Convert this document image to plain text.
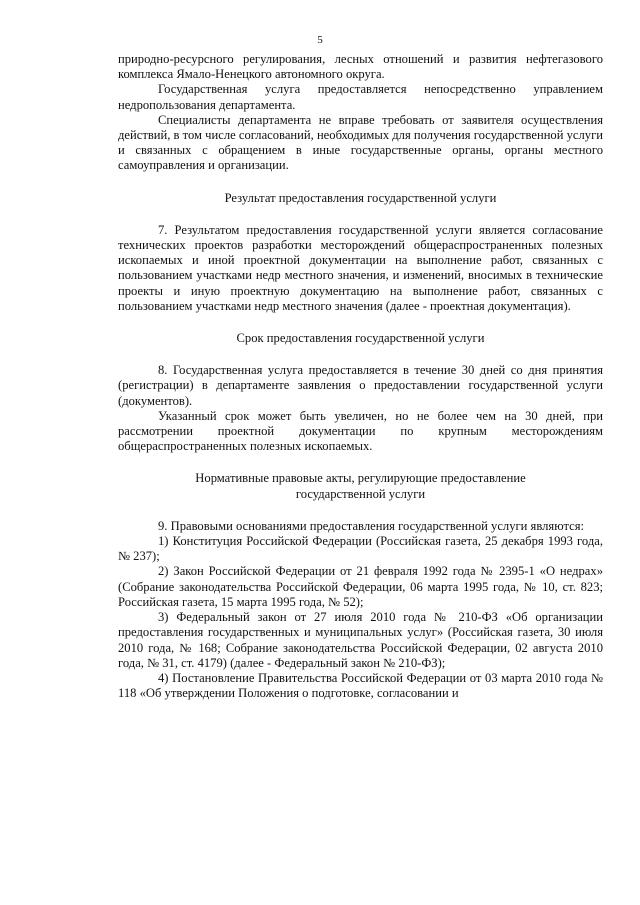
5

природно-ресурсного регулирования, лесных отношений и развития нефтегазового комплекса Ямало-Ненецкого автономного округа.

Государственная услуга предоставляется непосредственно управлением недропользования департамента.

Специалисты департамента не вправе требовать от заявителя осуществления действий, в том числе согласований, необходимых для получения государственной услуги и связанных с обращением в иные государственные органы, органы местного самоуправления и организации.

Результат предоставления государственной услуги

7. Результатом предоставления государственной услуги является согласование технических проектов разработки месторождений общераспространенных полезных ископаемых и иной проектной документации на выполнение работ, связанных с пользованием участками недр местного значения, и изменений, вносимых в технические проекты и иную проектную документацию на выполнение работ, связанных с пользованием участками недр местного значения (далее - проектная документация).

Срок предоставления государственной услуги

8. Государственная услуга предоставляется в течение 30 дней со дня принятия (регистрации) в департаменте заявления о предоставлении государственной услуги (документов).

Указанный срок может быть увеличен, но не более чем на 30 дней, при рассмотрении проектной документации по крупным месторождениям общераспространенных полезных ископаемых.

Нормативные правовые акты, регулирующие предоставление

государственной услуги

9. Правовыми основаниями предоставления государственной услуги являются:

1) Конституция Российской Федерации (Российская газета, 25 декабря 1993 года, № 237);

2) Закон Российской Федерации от 21 февраля 1992 года № 2395-1 «О недрах» (Собрание законодательства Российской Федерации, 06 марта 1995 года, № 10, ст. 823; Российская газета, 15 марта 1995 года, № 52);

3) Федеральный закон от 27 июля 2010 года № 210-ФЗ «Об организации предоставления государственных и муниципальных услуг» (Российская газета, 30 июля 2010 года, № 168; Собрание законодательства Российской Федерации, 02 августа 2010 года, № 31, ст. 4179) (далее - Федеральный закон № 210-ФЗ);

4) Постановление Правительства Российской Федерации от 03 марта 2010 года № 118 «Об утверждении Положения о подготовке, согласовании и
